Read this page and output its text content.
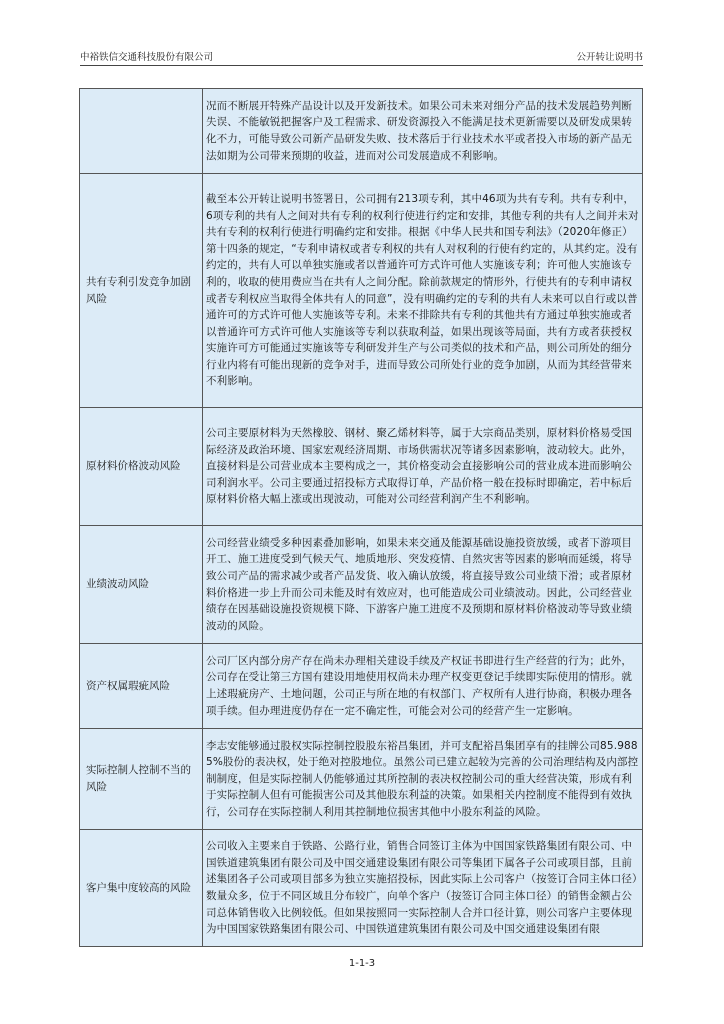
中裕铁信交通科技股份有限公司	公开转让说明书
	况而不断展开特殊产品设计以及开发新技术。如果公司未来对细分产品的技术发展趋势判断失误、不能敏锐把握客户及工程需求、研发资源投入不能满足技术更新需要以及研发成果转化不力，可能导致公司新产品研发失败、技术落后于行业技术水平或者投入市场的新产品无法如期为公司带来预期的收益，进而对公司发展造成不利影响。
共有专利引发竞争加剧风险	截至本公开转让说明书签署日，公司拥有213项专利，其中46项为共有专利。共有专利中，6项专利的共有人之间对共有专利的权利行使进行约定和安排，其他专利的共有人之间并未对共有专利的权利行使进行明确约定和安排。根据《中华人民共和国专利法》（2020年修正）第十四条的规定，“专利申请权或者专利权的共有人对权利的行使有约定的，从其约定。没有约定的，共有人可以单独实施或者以普通许可方式许可他人实施该专利；许可他人实施该专利的，收取的使用费应当在共有人之间分配。除前款规定的情形外，行使共有的专利申请权或者专利权应当取得全体共有人的同意”，没有明确约定的专利的共有人未来可以自行或以普通许可的方式许可他人实施该等专利。未来不排除共有专利的其他共有方通过单独实施或者以普通许可方式许可他人实施该等专利以获取利益，如果出现该等局面，共有方或者获授权实施许可方可能通过实施该等专利研发并生产与公司类似的技术和产品，则公司所处的细分行业内将有可能出现新的竞争对手，进而导致公司所处行业的竞争加剧，从而为其经营带来不利影响。
原材料价格波动风险	公司主要原材料为天然橡胶、钢材、聚乙烯材料等，属于大宗商品类别，原材料价格易受国际经济及政治环境、国家宏观经济周期、市场供需状况等诸多因素影响，波动较大。此外，直接材料是公司营业成本主要构成之一，其价格变动会直接影响公司的营业成本进而影响公司利润水平。公司主要通过招投标方式取得订单，产品价格一般在投标时即确定，若中标后原材料价格大幅上涨或出现波动，可能对公司经营利润产生不利影响。
业绩波动风险	公司经营业绩受多种因素叠加影响，如果未来交通及能源基础设施投资放缓，或者下游项目开工、施工进度受到气候天气、地质地形、突发疫情、自然灾害等因素的影响而延缓，将导致公司产品的需求减少或者产品发货、收入确认放缓，将直接导致公司业绩下滑；或者原材料价格进一步上升而公司未能及时有效应对，也可能造成公司业绩波动。因此，公司经营业绩存在因基础设施投资规模下降、下游客户施工进度不及预期和原材料价格波动等导致业绩波动的风险。
资产权属瑕疵风险	公司厂区内部分房产存在尚未办理相关建设手续及产权证书即进行生产经营的行为；此外，公司存在受让第三方国有建设用地使用权尚未办理产权变更登记手续即实际使用的情形。就上述瑕疵房产、土地问题，公司正与所在地的有权部门、产权所有人进行协商，积极办理各项手续。但办理进度仍存在一定不确定性，可能会对公司的经营产生一定影响。
实际控制人控制不当的风险	李志安能够通过股权实际控制控股股东裕昌集团，并可支配裕昌集团享有的挂牌公司85.9885%股份的表决权，处于绝对控股地位。虽然公司已建立起较为完善的公司治理结构及内部控制制度，但是实际控制人仍能够通过其所控制的表决权控制公司的重大经营决策，形成有利于实际控制人但有可能损害公司及其他股东利益的决策。如果相关内控制度不能得到有效执行，公司存在实际控制人利用其控制地位损害其他中小股东利益的风险。
客户集中度较高的风险	公司收入主要来自于铁路、公路行业，销售合同签订主体为中国国家铁路集团有限公司、中国铁道建筑集团有限公司及中国交通建设集团有限公司等集团下属各子公司或项目部，且前述集团各子公司或项目部多为独立实施招投标，因此实际上公司客户（按签订合同主体口径）数量众多，位于不同区域且分布较广，向单个客户（按签订合同主体口径）的销售金额占公司总体销售收入比例较低。但如果按照同一实际控制人合并口径计算，则公司客户主要体现为中国国家铁路集团有限公司、中国铁道建筑集团有限公司及中国交通建设集团有限
1-1-3
